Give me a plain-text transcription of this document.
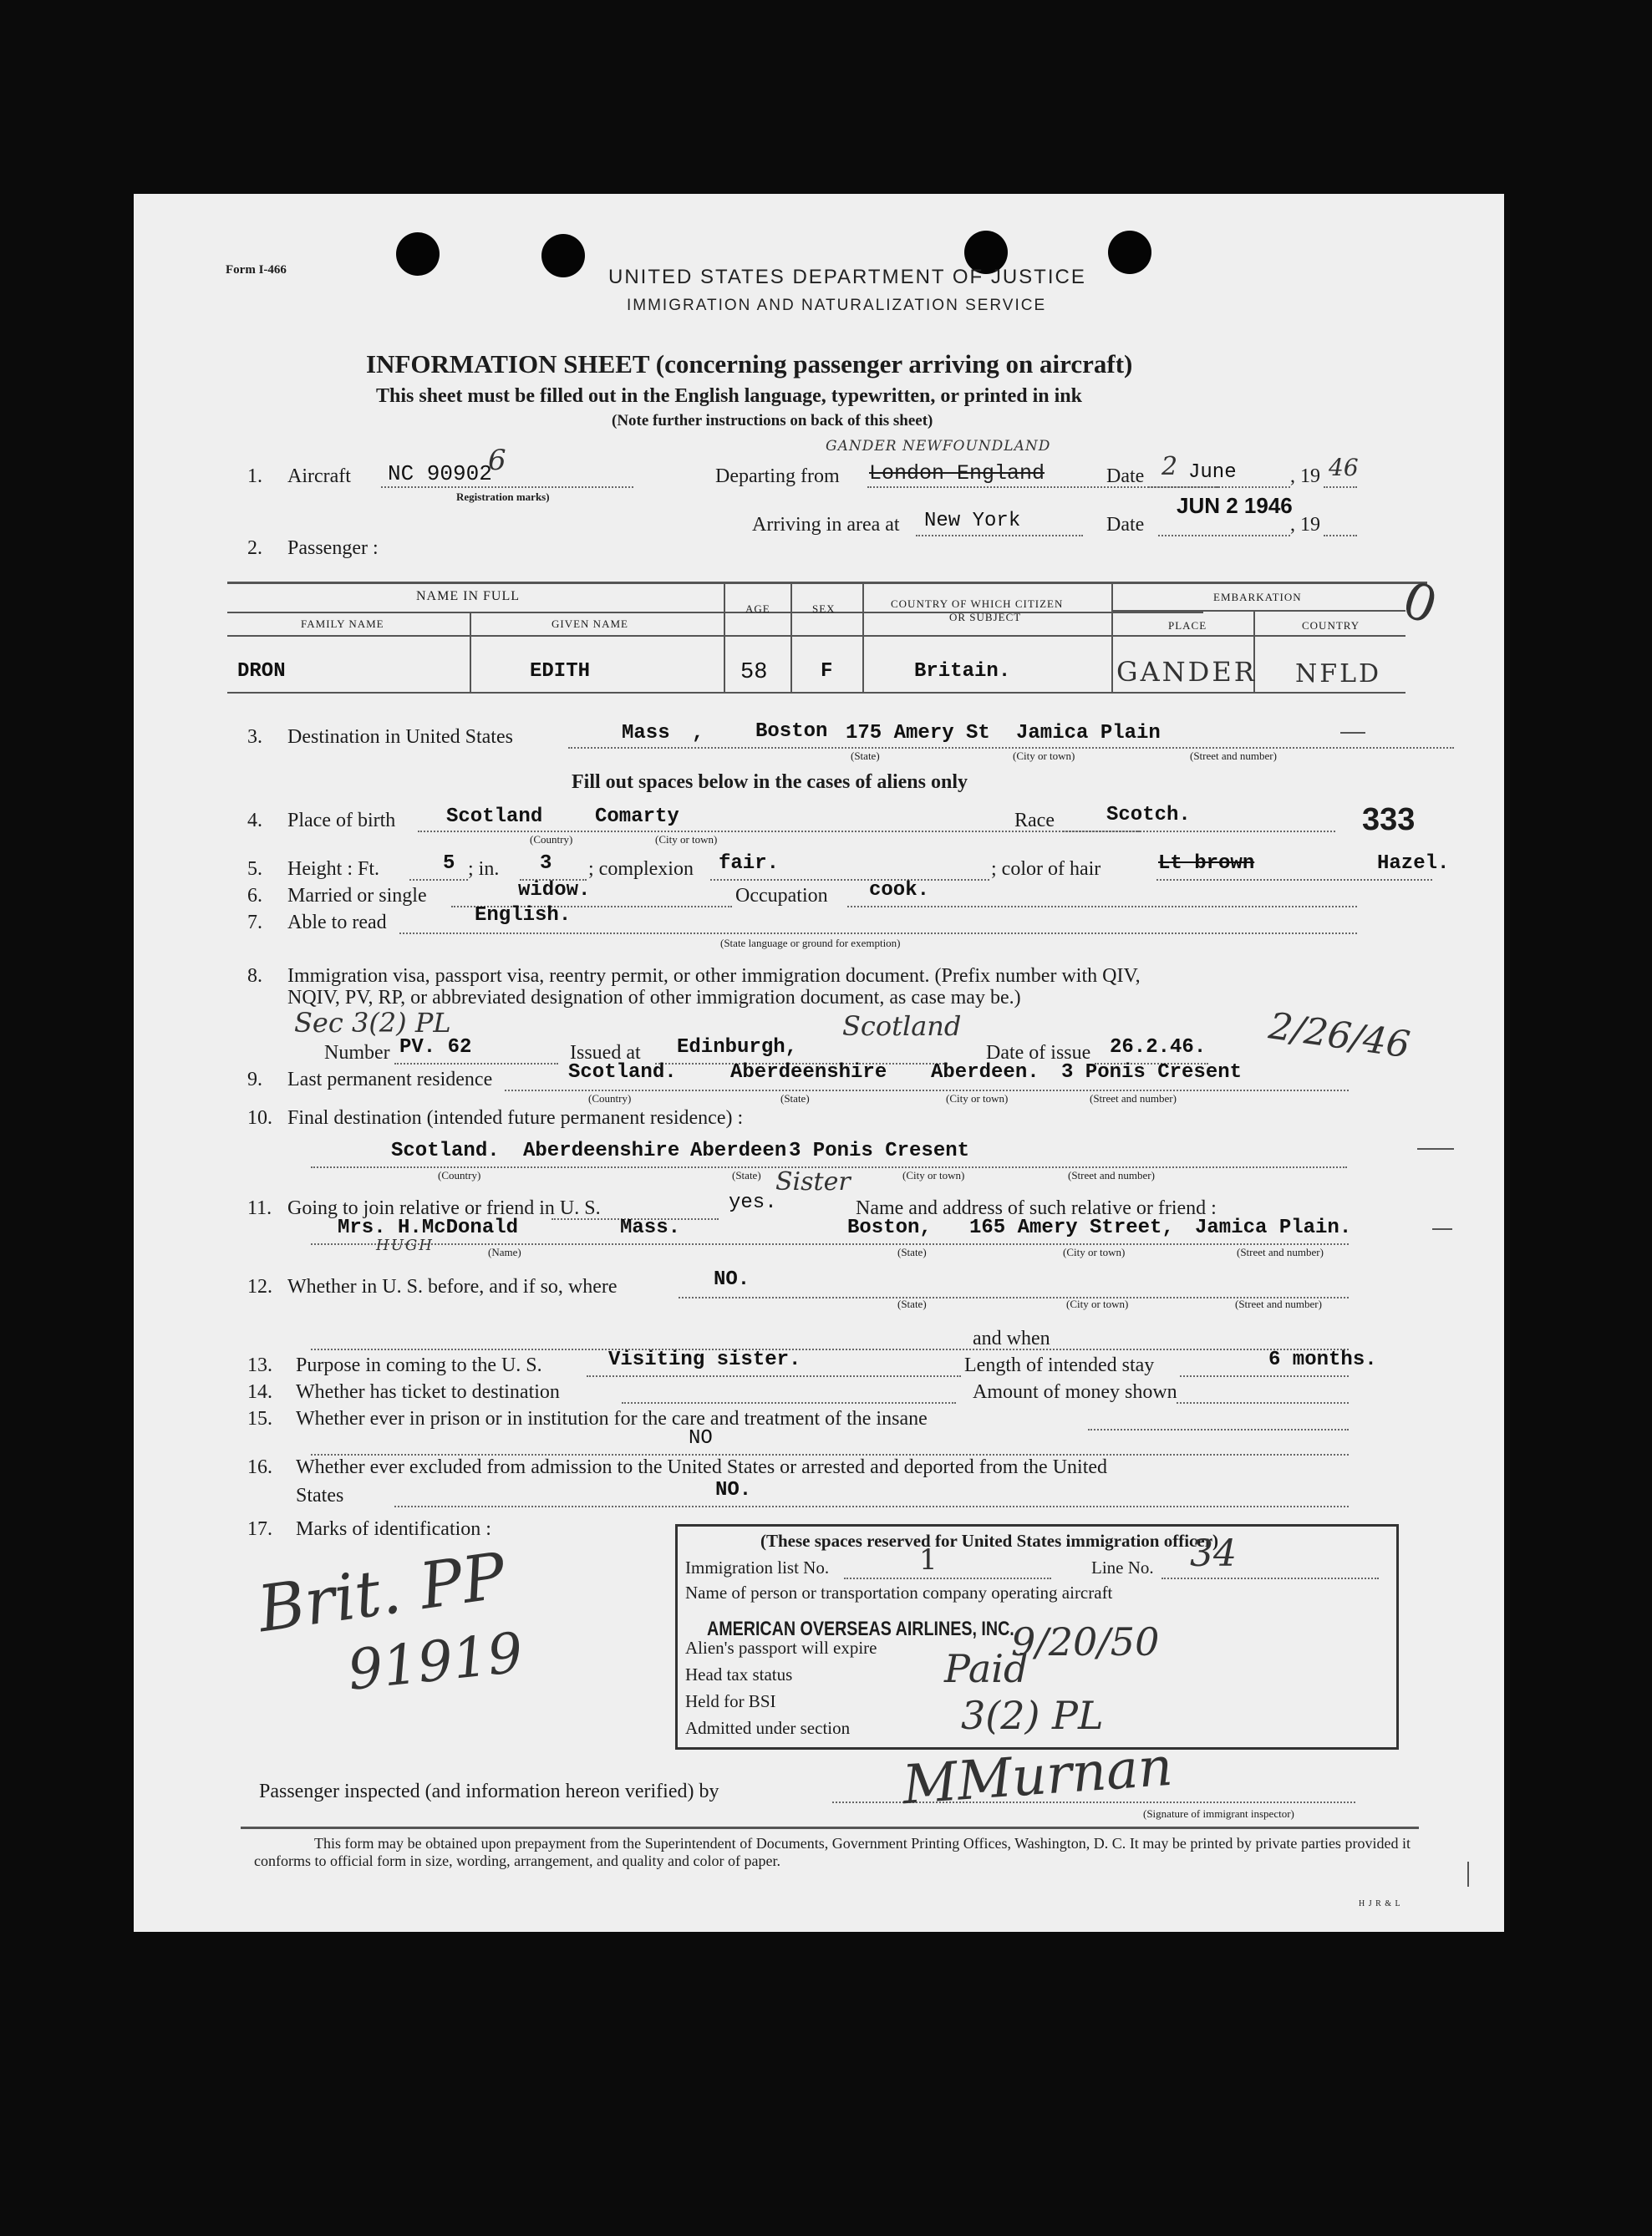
Form I-466	UNITED STATES DEPARTMENT OF JUSTICE
IMMIGRATION AND NATURALIZATION SERVICE
INFORMATION SHEET (concerning passenger arriving on aircraft)
This sheet must be filled out in the English language, typewritten, or printed in ink
(Note further instructions on back of this sheet)
1. Aircraft NC 90902
6
Registration marks)
Departing from
GANDER NEWFOUNDLAND
London England	Date 2 June	, 19 46
JUN 2 1946
Arriving in area at New York	Date	, 19
2. Passenger :
NAME IN FULL
FAMILY NAME	GIVEN NAME
AGE	SEX	COUNTRY OF WHICH CITIZEN
OR SUBJECT
EMBARKATION
PLACE	COUNTRY 0
DRON	EDITH	58	F	Britain.	GANDER NFLD
3. Destination in United States	Mass ,	Boston 175 Amery St Jamica Plain
(State)	(City or town)	(Street and number)
Fill out spaces below in the cases of aliens only
4. Place of birth	Scotland	Comarty
(Country)	(City or town)
Race	Scotch.	333
5. Height : Ft.	5 ; in. 3 ; complexion fair.	; color of hair	Lt brown	Hazel.
6. Married or single	widow.	Occupation cook.
7. Able to read	English.
(State language or ground for exemption)
8. Immigration visa, passport visa, reentry permit, or other immigration document. (Prefix number with QIV,
NQIV, PV, RP, or abbreviated designation of other immigration document, as case may be.)
Sec 3(2) PL
Number PV. 62	Issued at Edinburgh,
Scotland
Date of issue 26.2.46. 2/26/46
9. Last permanent residence	Scotland.	Aberdeenshire Aberdeen. 3 Ponis Cresent
(Country)	(State)	(City or town)	(Street and number)
10. Final destination (intended future permanent residence) :
Scotland. Aberdeenshire Aberdeen 3 Ponis Cresent
(Country)	(State)	(City or town)	(Street and number)
11. Going to join relative or friend in U. S.	yes.
Sister
Name and address of such relative or friend :
Mrs. H.McDonald
HUGH
Mass.	Boston, 165 Amery Street, Jamica Plain.
(Name)	(State)	(City or town)	(Street and number)
12. Whether in U. S. before, and if so, where	NO.
(State)	(City or town)	(Street and number)
and when
13. Purpose in coming to the U. S.	Visiting sister.	Length of intended stay	6 months.
14. Whether has ticket to destination	Amount of money shown
15. Whether ever in prison or in institution for the care and treatment of the insane
NO
16. Whether ever excluded from admission to the United States or arrested and deported from the United
States	NO.
17. Marks of identification :
Brit. PP
91919
(These spaces reserved for United States immigration officer)
Immigration list No.	1	Line No. 34
Name of person or transportation company operating aircraft
AMERICAN OVERSEAS AIRLINES, INC.
Alien's passport will expire	9/20/50
Head tax status	Paid
Held for BSI
Admitted under section	3(2) PL
Passenger inspected (and information hereon verified) by	MMurnan
(Signature of immigrant inspector)
This form may be obtained upon prepayment from the Superintendent of Documents, Government Printing Offices, Washington, D. C. It may be printed by private parties provided it conforms to official form in size, wording, arrangement, and quality and color of paper.
H J R & L
